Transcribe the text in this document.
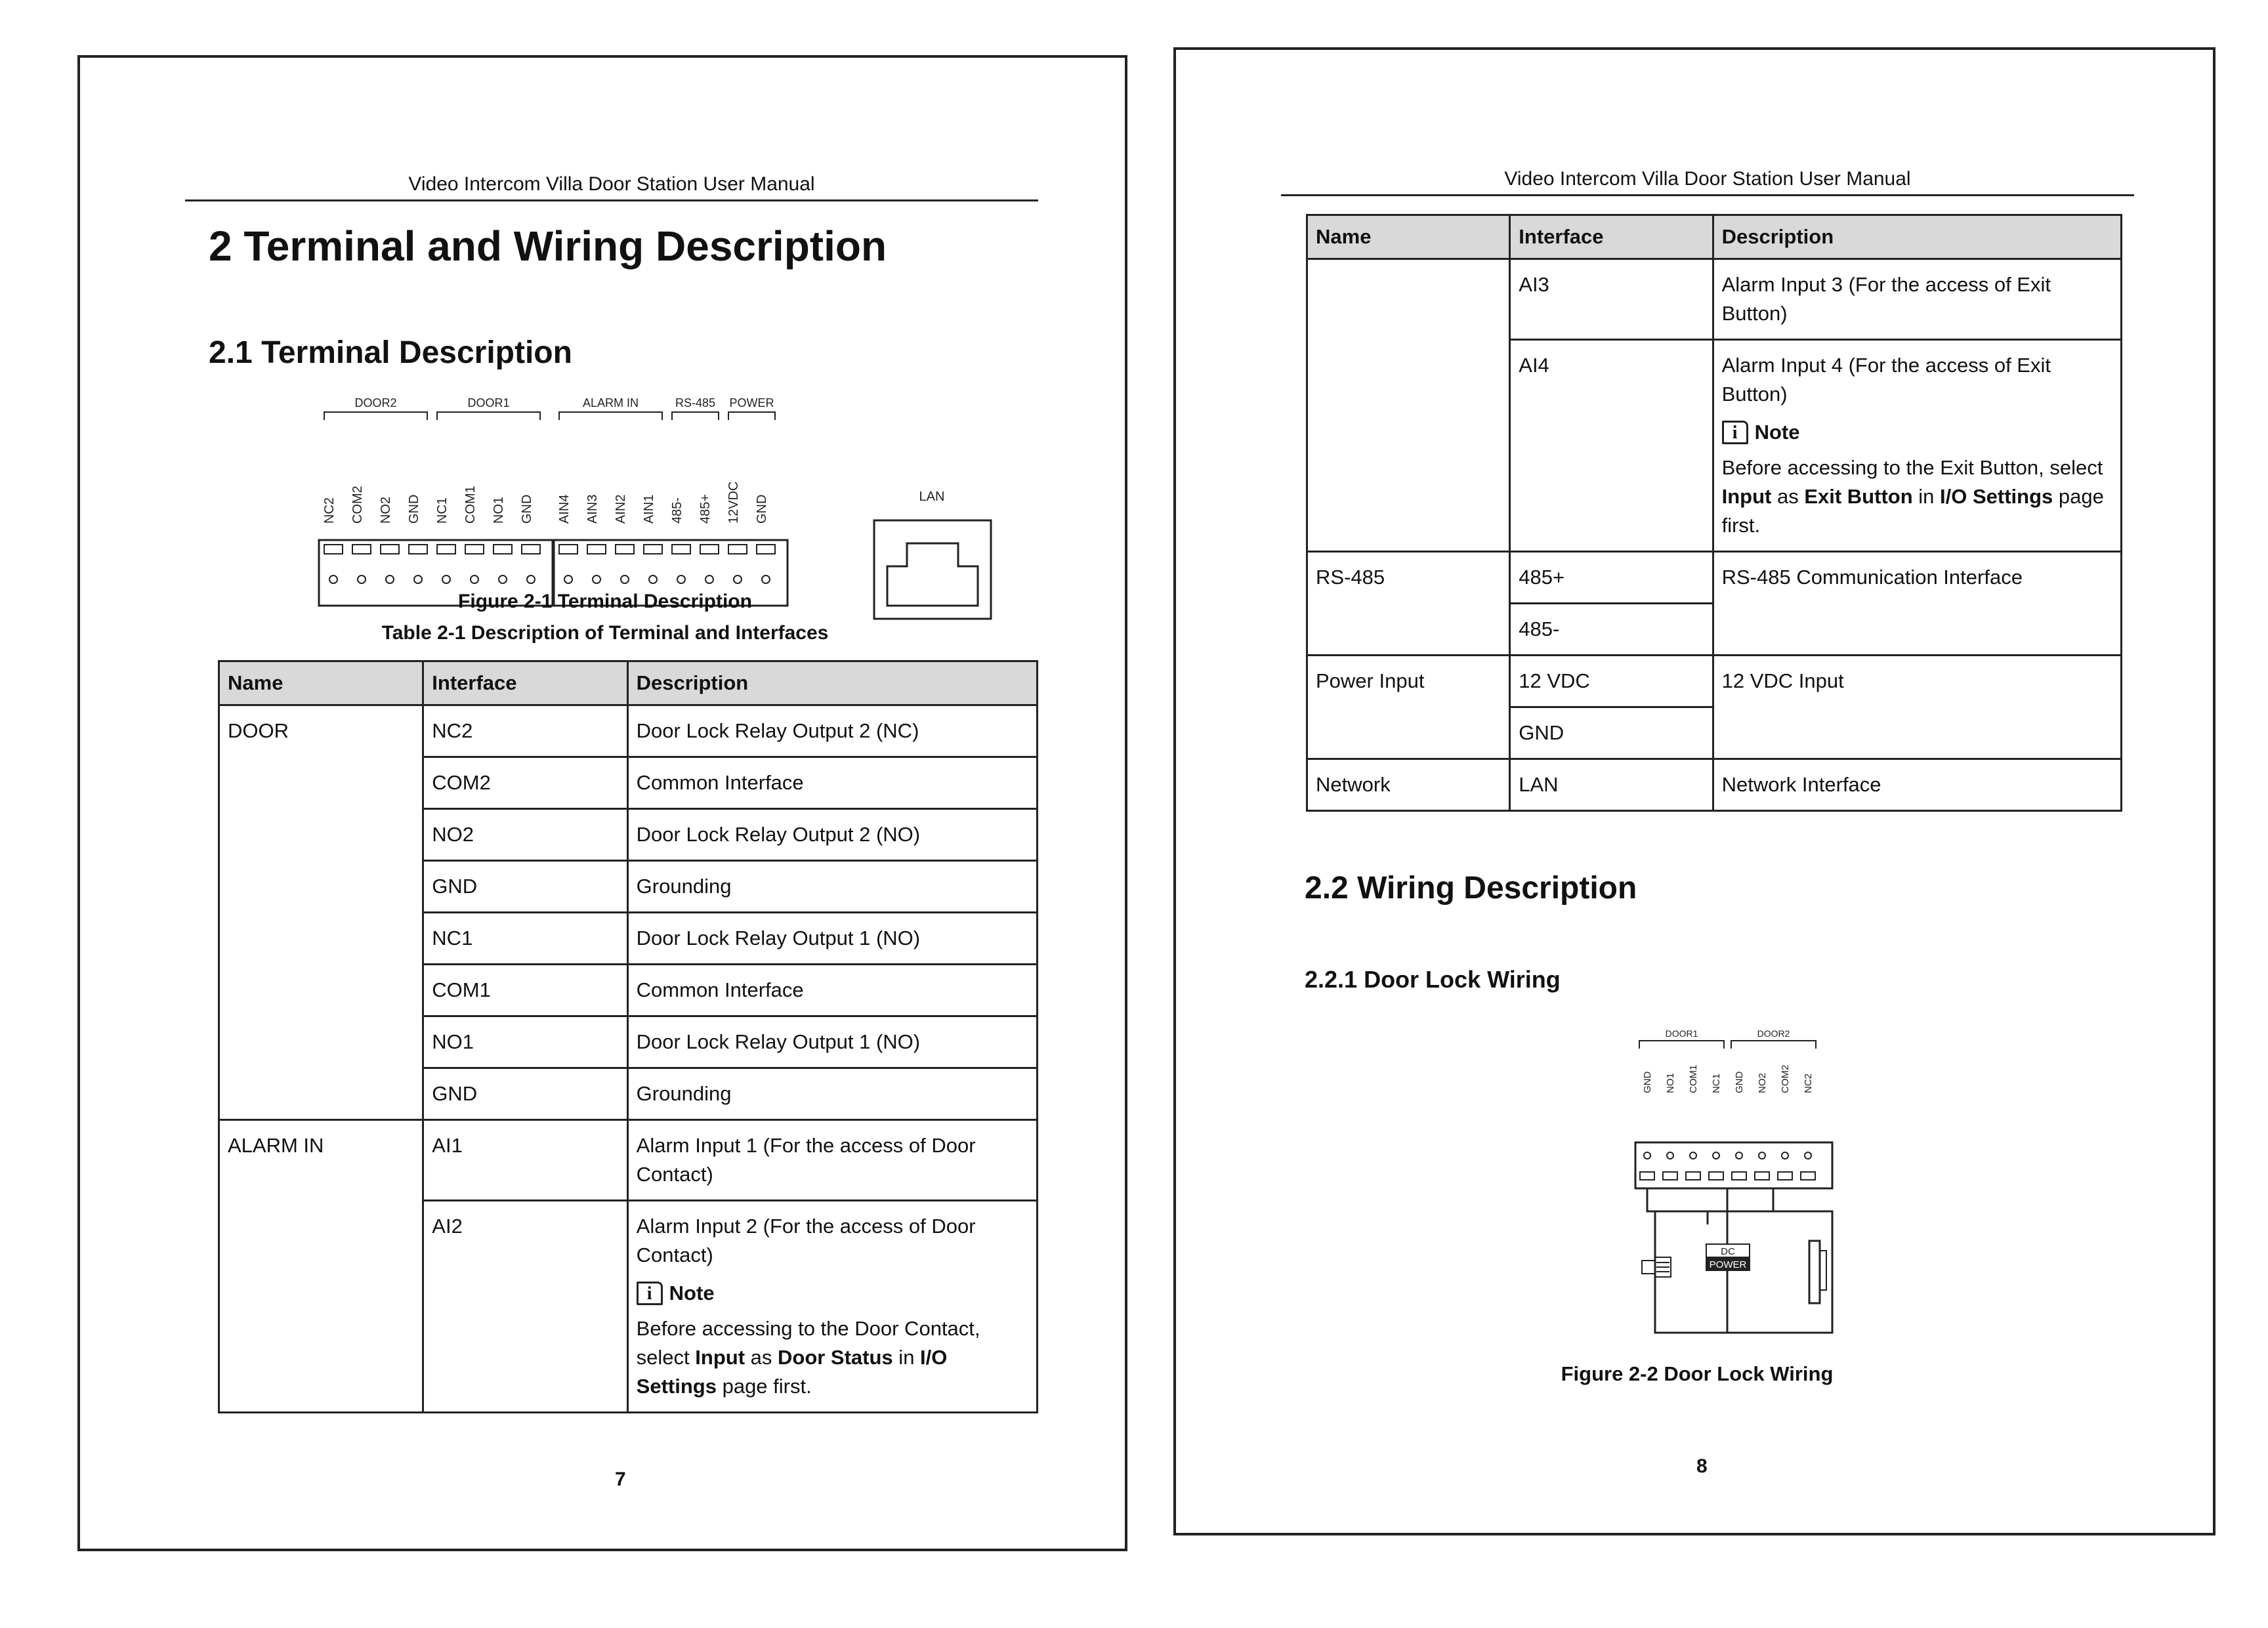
Video Intercom Villa Door Station User Manual
2 Terminal and Wiring Description
2.1 Terminal Description
DOOR2	DOOR1	ALARM IN	RS-485 POWER
NC2 COM2 NO2 GND NC1 COM1 NO1 GND AIN4 AIN3 AIN2 AIN1 485- 485+ 12VDC GND	LAN
Figure 2-1 Terminal Description
Table 2-1 Description of Terminal and Interfaces
Name	Interface	Description
DOOR	NC2	Door Lock Relay Output 2 (NC)
	COM2	Common Interface
	NO2	Door Lock Relay Output 2 (NO)
	GND	Grounding
	NC1	Door Lock Relay Output 1 (NO)
	COM1	Common Interface
	NO1	Door Lock Relay Output 1 (NO)
	GND	Grounding
ALARM IN	AI1	Alarm Input 1 (For the access of Door Contact)
	AI2	Alarm Input 2 (For the access of Door Contact)
i Note
Before accessing to the Door Contact, select Input as Door Status in I/O Settings page first.
7
Video Intercom Villa Door Station User Manual
Name	Interface	Description
	AI3	Alarm Input 3 (For the access of Exit Button)
	AI4	Alarm Input 4 (For the access of Exit Button)
i Note
Before accessing to the Exit Button, select Input as Exit Button in I/O Settings page first.

RS-485	485+	RS-485 Communication Interface
	485-	
Power Input	12 VDC	12 VDC Input
	GND	
Network	LAN	Network Interface
2.2 Wiring Description
2.2.1 Door Lock Wiring
DOOR1	DOOR2
GND NO1 COM1 NC1 GND NO2 COM2 NC2
DC
POWER
Figure 2-2 Door Lock Wiring
8
